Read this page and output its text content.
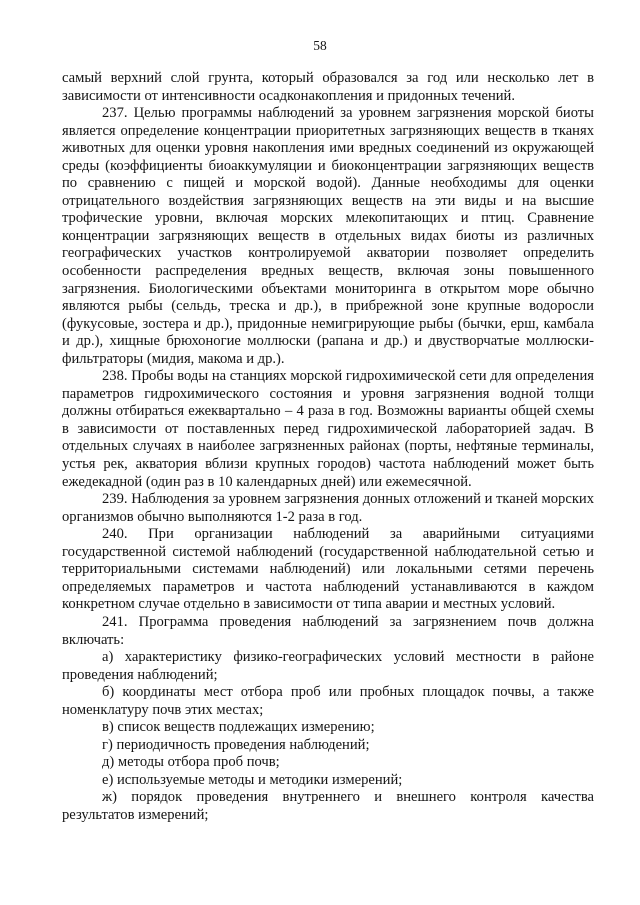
58

самый верхний слой грунта, который образовался за год или несколько лет в зависимости от интенсивности осадконакопления и придонных течений.

237. Целью программы наблюдений за уровнем загрязнения морской биоты является определение концентрации приоритетных загрязняющих веществ в тканях животных для оценки уровня накопления ими вредных соединений из окружающей среды (коэффициенты биоаккумуляции и биоконцентрации загрязняющих веществ по сравнению с пищей и морской водой). Данные необходимы для оценки отрицательного воздействия загрязняющих веществ на эти виды и на высшие трофические уровни, включая морских млекопитающих и птиц. Сравнение концентрации загрязняющих веществ в отдельных видах биоты из различных географических участков контролируемой акватории позволяет определить особенности распределения вредных веществ, включая зоны повышенного загрязнения. Биологическими объектами мониторинга в открытом море обычно являются рыбы (сельдь, треска и др.), в прибрежной зоне крупные водоросли (фукусовые, зостера и др.), придонные немигрирующие рыбы (бычки, ерш, камбала и др.), хищные брюхоногие моллюски (рапана и др.) и двустворчатые моллюски-фильтраторы (мидия, макома и др.).

238. Пробы воды на станциях морской гидрохимической сети для определения параметров гидрохимического состояния и уровня загрязнения водной толщи должны отбираться ежеквартально – 4 раза в год. Возможны варианты общей схемы в зависимости от поставленных перед гидрохимической лабораторией задач. В отдельных случаях в наиболее загрязненных районах (порты, нефтяные терминалы, устья рек, акватория вблизи крупных городов) частота наблюдений может быть ежедекадной (один раз в 10 календарных дней) или ежемесячной.

239. Наблюдения за уровнем загрязнения донных отложений и тканей морских организмов обычно выполняются 1-2 раза в год.

240. При организации наблюдений за аварийными ситуациями государственной системой наблюдений (государственной наблюдательной сетью и территориальными системами наблюдений) или локальными сетями перечень определяемых параметров и частота наблюдений устанавливаются в каждом конкретном случае отдельно в зависимости от типа аварии и местных условий.

241. Программа проведения наблюдений за загрязнением почв должна включать:

а) характеристику физико-географических условий местности в районе проведения наблюдений;

б) координаты мест отбора проб или пробных площадок почвы, а также номенклатуру почв этих местах;

в) список веществ подлежащих измерению;

г) периодичность проведения наблюдений;

д) методы отбора проб почв;

е) используемые методы и методики измерений;

ж) порядок проведения внутреннего и внешнего контроля качества результатов измерений;
